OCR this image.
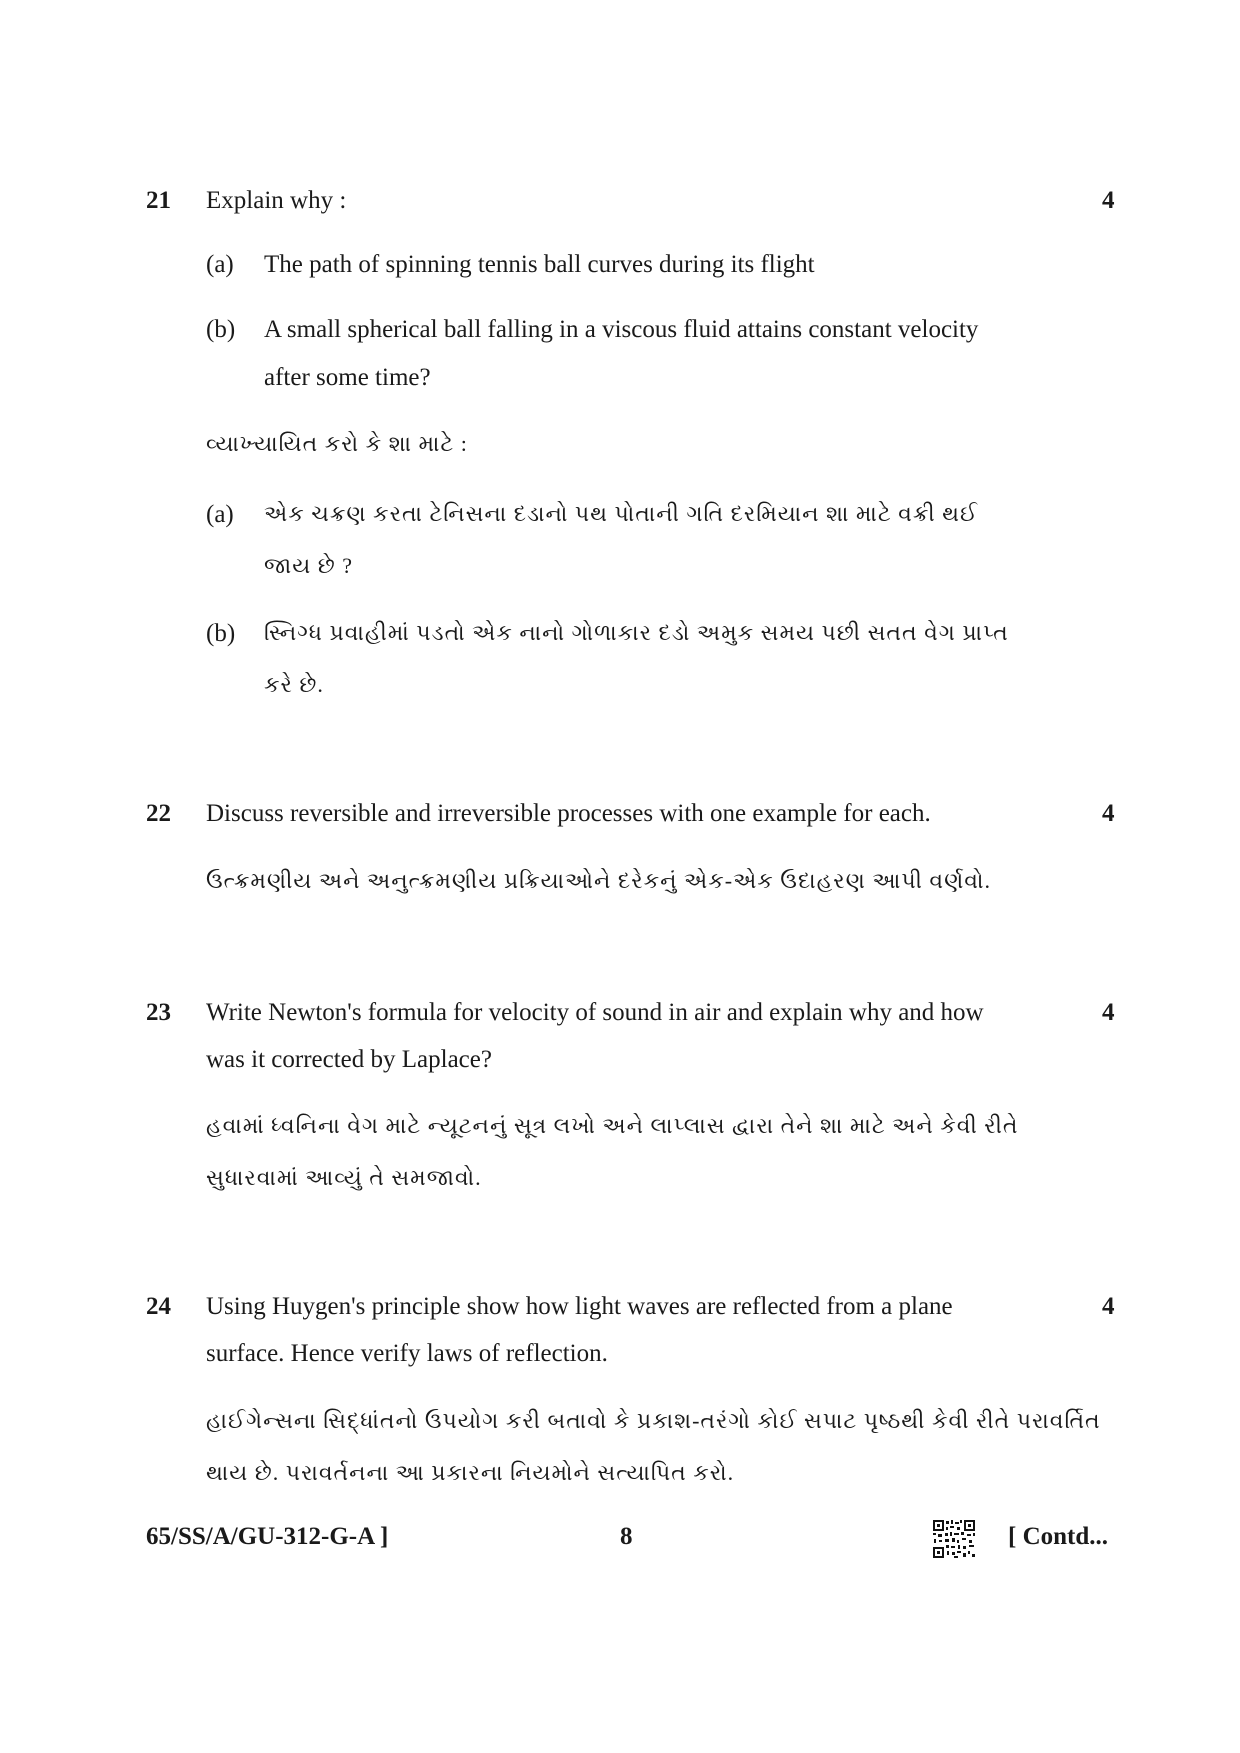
21 Explain why :	4
(a) The path of spinning tennis ball curves during its flight
(b) A small spherical ball falling in a viscous fluid attains constant velocity
after some time?
વ્યાખ્યાયિત કરો કે શા માટે :
(a) એક ચક્રણ કરતા ટેનિસના દડાનો પથ પોતાની ગતિ દરમિયાન શા માટે વક્રી થઈ
જાય છે ?
(b) સ્નિગ્ધ પ્રવાહીમાં પડતો એક નાનો ગોળાકાર દડો અમુક સમય પછી સતત વેગ પ્રાપ્ત
કરે છે.
22 Discuss reversible and irreversible processes with one example for each.	4
ઉત્ક્રમણીય અને અનુત્ક્રમણીય પ્રક્રિયાઓને દરેકનું એક-એક ઉદાહરણ આપી વર્ણવો.
23 Write Newton's formula for velocity of sound in air and explain why and how	4
was it corrected by Laplace?
હવામાં ધ્વનિના વેગ માટે ન્યૂટનનું સૂત્ર લખો અને લાપ્લાસ દ્વારા તેને શા માટે અને કેવી રીતે
સુધારવામાં આવ્યું તે સમજાવો.
24 Using Huygen's principle show how light waves are reflected from a plane	4
surface. Hence verify laws of reflection.
હાઈગેન્સના સિદ્ધાંતનો ઉપયોગ કરી બતાવો કે પ્રકાશ-તરંગો કોઈ સપાટ પૃષ્ઠથી કેવી રીતે પરાવર્તિત
થાય છે. પરાવર્તનના આ પ્રકારના નિયમોને સત્યાપિત કરો.
65/SS/A/GU-312-G-A ]	8	[ Contd...
